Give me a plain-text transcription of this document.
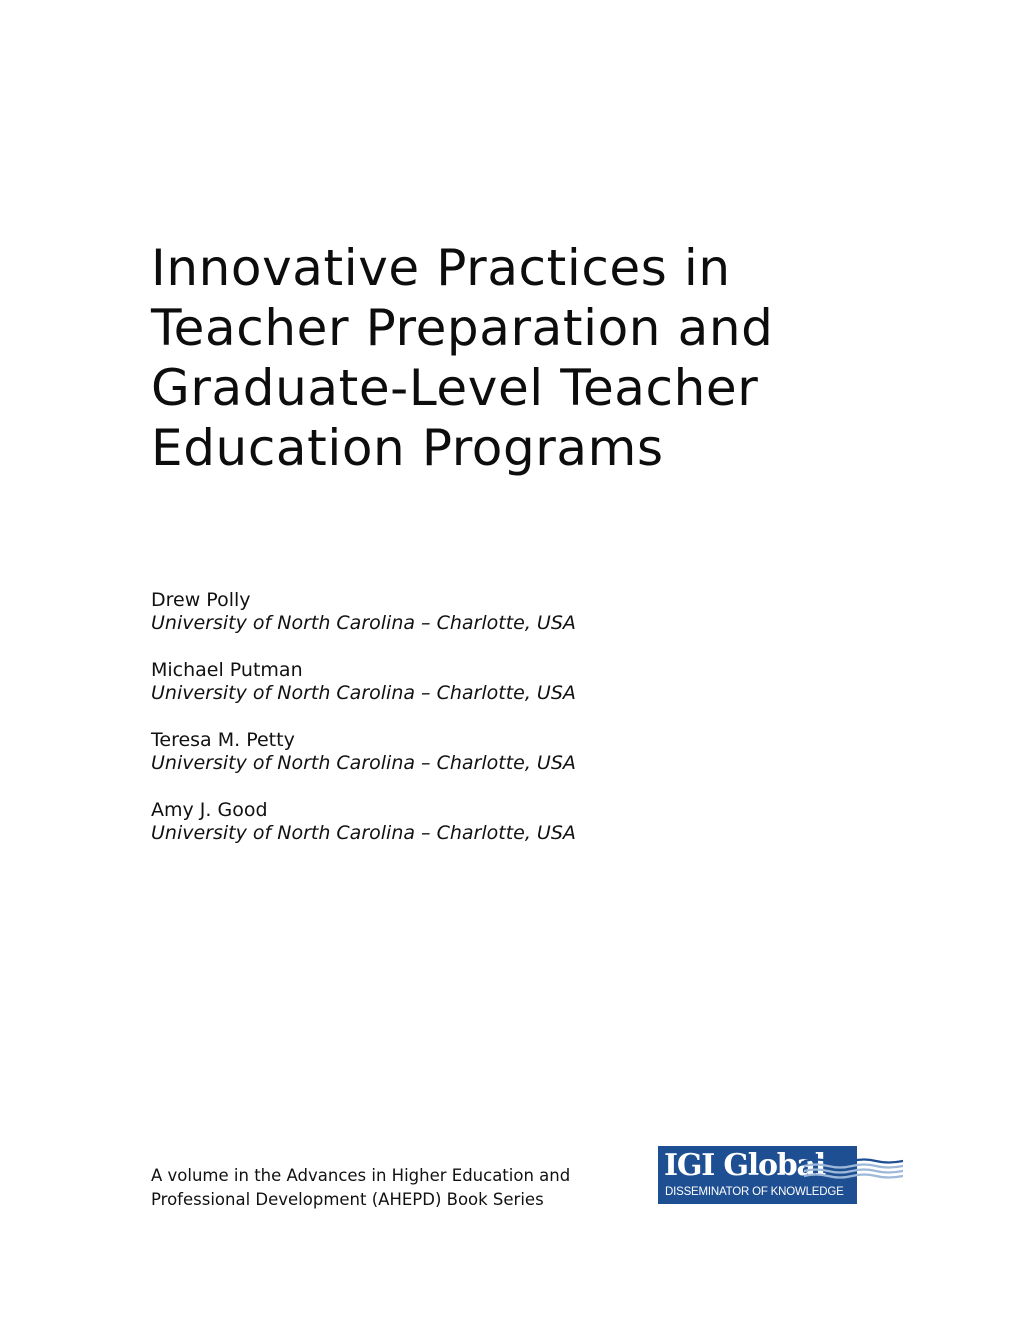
Innovative Practices in
Teacher Preparation and
Graduate-Level Teacher
Education Programs
Drew Polly
University of North Carolina – Charlotte, USA
Michael Putman
University of North Carolina – Charlotte, USA
Teresa M. Petty
University of North Carolina – Charlotte, USA
Amy J. Good
University of North Carolina – Charlotte, USA
A volume in the Advances in Higher Education and
Professional Development (AHEPD) Book Series
IGI Global
DISSEMINATOR OF KNOWLEDGE
